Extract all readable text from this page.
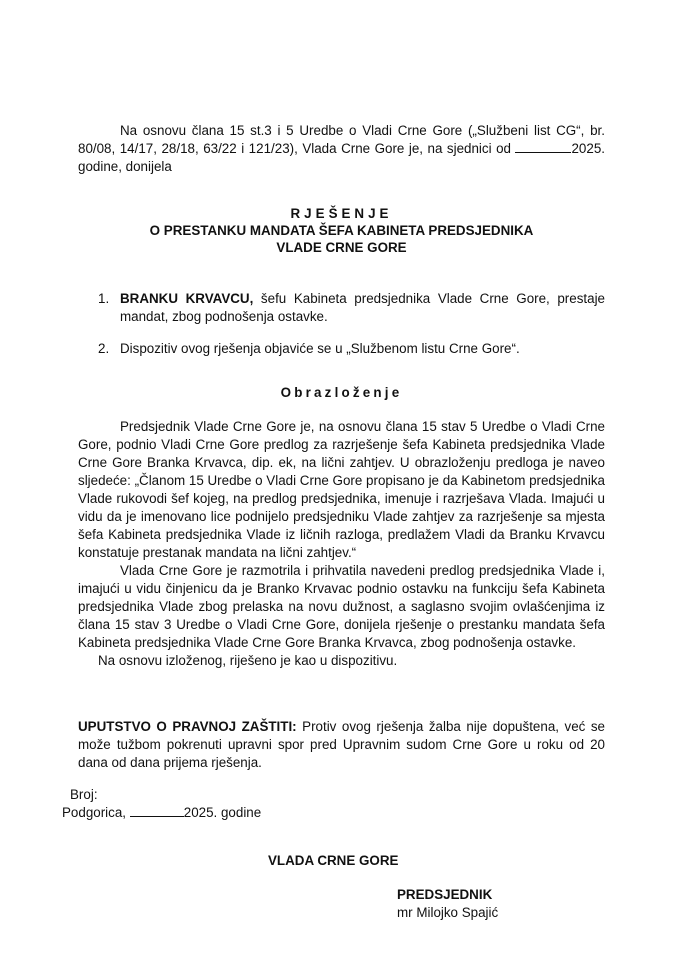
Na osnovu člana 15 st.3 i 5 Uredbe o Vladi Crne Gore („Službeni list CG“, br. 80/08, 14/17, 28/18, 63/22 i 121/23), Vlada Crne Gore je, na sjednici od	2025. godine, donijela
RJEŠENJE
O PRESTANKU MANDATA ŠEFA KABINETA PREDSJEDNIKA
VLADE CRNE GORE
1. BRANKU KRVAVCU, šefu Kabineta predsjednika Vlade Crne Gore, prestaje mandat, zbog podnošenja ostavke.
2. Dispozitiv ovog rješenja objaviće se u „Službenom listu Crne Gore“.
Obrazloženje

Predsjednik Vlade Crne Gore je, na osnovu člana 15 stav 5 Uredbe o Vladi Crne Gore, podnio Vladi Crne Gore predlog za razrješenje šefa Kabineta predsjednika Vlade Crne Gore Branka Krvavca, dip. ek, na lični zahtjev. U obrazloženju predloga je naveo sljedeće: „Članom 15 Uredbe o Vladi Crne Gore propisano je da Kabinetom predsjednika Vlade rukovodi šef kojeg, na predlog predsjednika, imenuje i razrješava Vlada. Imajući u vidu da je imenovano lice podnijelo predsjedniku Vlade zahtjev za razrješenje sa mjesta šefa Kabineta predsjednika Vlade iz ličnih razloga, predlažem Vladi da Branku Krvavcu konstatuje prestanak mandata na lični zahtjev.“

Vlada Crne Gore je razmotrila i prihvatila navedeni predlog predsjednika Vlade i, imajući u vidu činjenicu da je Branko Krvavac podnio ostavku na funkciju šefa Kabineta predsjednika Vlade zbog prelaska na novu dužnost, a saglasno svojim ovlašćenjima iz člana 15 stav 3 Uredbe o Vladi Crne Gore, donijela rješenje o prestanku mandata šefa Kabineta predsjednika Vlade Crne Gore Branka Krvavca, zbog podnošenja ostavke.

Na osnovu izloženog, riješeno je kao u dispozitivu.

UPUTSTVO O PRAVNOJ ZAŠTITI: Protiv ovog rješenja žalba nije dopuštena, već se može tužbom pokrenuti upravni spor pred Upravnim sudom Crne Gore u roku od 20 dana od dana prijema rješenja.
Broj:
Podgorica,	2025. godine
VLADA CRNE GORE
PREDSJEDNIK
mr Milojko Spajić
